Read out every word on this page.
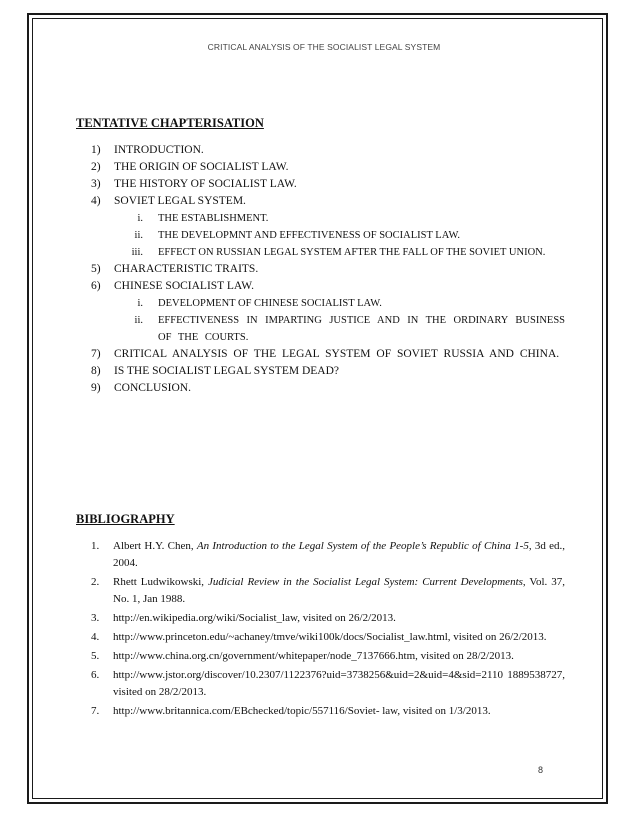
CRITICAL ANALYSIS OF THE SOCIALIST LEGAL SYSTEM
TENTATIVE CHAPTERISATION
1)	INTRODUCTION.
2)	THE ORIGIN OF SOCIALIST LAW.
3)	THE HISTORY OF SOCIALIST LAW.
4)	SOVIET LEGAL SYSTEM.
i.	THE ESTABLISHMENT.
ii.	THE DEVELOPMNT AND EFFECTIVENESS OF SOCIALIST LAW.
iii.	EFFECT ON RUSSIAN LEGAL SYSTEM AFTER THE FALL OF THE SOVIET UNION.
5)	CHARACTERISTIC TRAITS.
6)	CHINESE SOCIALIST LAW.
i.	DEVELOPMENT OF CHINESE SOCIALIST LAW.
ii.	EFFECTIVENESS IN IMPARTING JUSTICE AND IN THE ORDINARY BUSINESS OF THE COURTS.
7)	CRITICAL ANALYSIS OF THE LEGAL SYSTEM OF SOVIET RUSSIA AND CHINA.
8)	IS THE SOCIALIST LEGAL SYSTEM DEAD?
9)	CONCLUSION.
BIBLIOGRAPHY
1.	Albert H.Y. Chen, An Introduction to the Legal System of the People’s Republic of China 1-5, 3d ed., 2004.
2.	Rhett Ludwikowski, Judicial Review in the Socialist Legal System: Current Developments, Vol. 37, No. 1, Jan 1988.
3.	http://en.wikipedia.org/wiki/Socialist_law, visited on 26/2/2013.
4.	http://www.princeton.edu/~achaney/tmve/wiki100k/docs/Socialist_law.html, visited on 26/2/2013.
5.	http://www.china.org.cn/government/whitepaper/node_7137666.htm, visited on 28/2/2013.
6.	http://www.jstor.org/discover/10.2307/1122376?uid=3738256&uid=2&uid=4&sid=2110 1889538727, visited on 28/2/2013.
7.	http://www.britannica.com/EBchecked/topic/557116/Soviet- law, visited on 1/3/2013.
8
